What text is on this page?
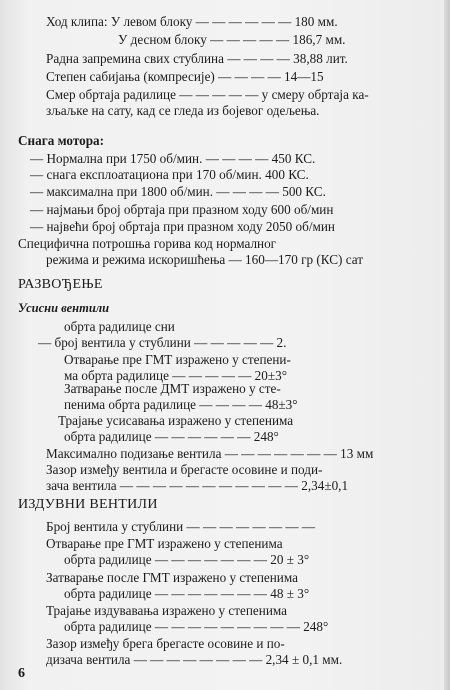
Ход клипа: У левом блоку — — — — — — 180 мм.
У десном блоку — — — — — 186,7 мм.
Радна запремина свих стублина — — — — 38,88 лит.
Степен сабијања (компресије) — — — — 14—15
Смер обртаја радилице — — — — — у смеру обртаја ка-
зљаљке на сату, кад се гледа из бојевог одељења.
Снага мотора:
— Нормална при 1750 об/мин. — — — — 450 КС.
— снага експлоатациона при 170 об/мин. 400 КС.
— максимална при 1800 об/мин. — — — — 500 КС.
— најмањи број обртаја при празном ходу 600 об/мин
— највећи број обртаја при празном ходу 2050 об/мин
Специфична потрошња горива код нормалног
режима и режима искоришћења — 160—170 гр (КС) сат
РАЗВОЂЕЊЕ
Усисни вентили
обрта радилице сни
— број вентила у стублини — — — — — 2.
Отварање пре ГМТ изражено у степени-
ма обрта радилице — — — — — 20±3°
Затварање после ДМТ изражено у сте-
пенима обрта радилице — — — — 48±3°
Трајање усисавања изражено у степенима
обрта радилице — — — — — — 248°
Максимално подизање вентила — — — — — — — 13 мм
Зазор између вентила и брегасте осовине и поди-
зача вентила — — — — — — — — — — — 2,34±0,1
ИЗДУВНИ ВЕНТИЛИ
Број вентила у стублини — — — — — — — —
Отварање пре ГМТ изражено у степенима
обрта радилице — — — — — — — 20 ± 3°
Затварање после ГМТ изражено у степенима
обрта радилице — — — — — — — 48 ± 3°
Трајање издувавања изражено у степенима
обрта радилице — — — — — — — — — 248°
Зазор између брега брегасте осовине и по-
дизача вентила — — — — — — — — 2,34 ± 0,1 мм.
6
